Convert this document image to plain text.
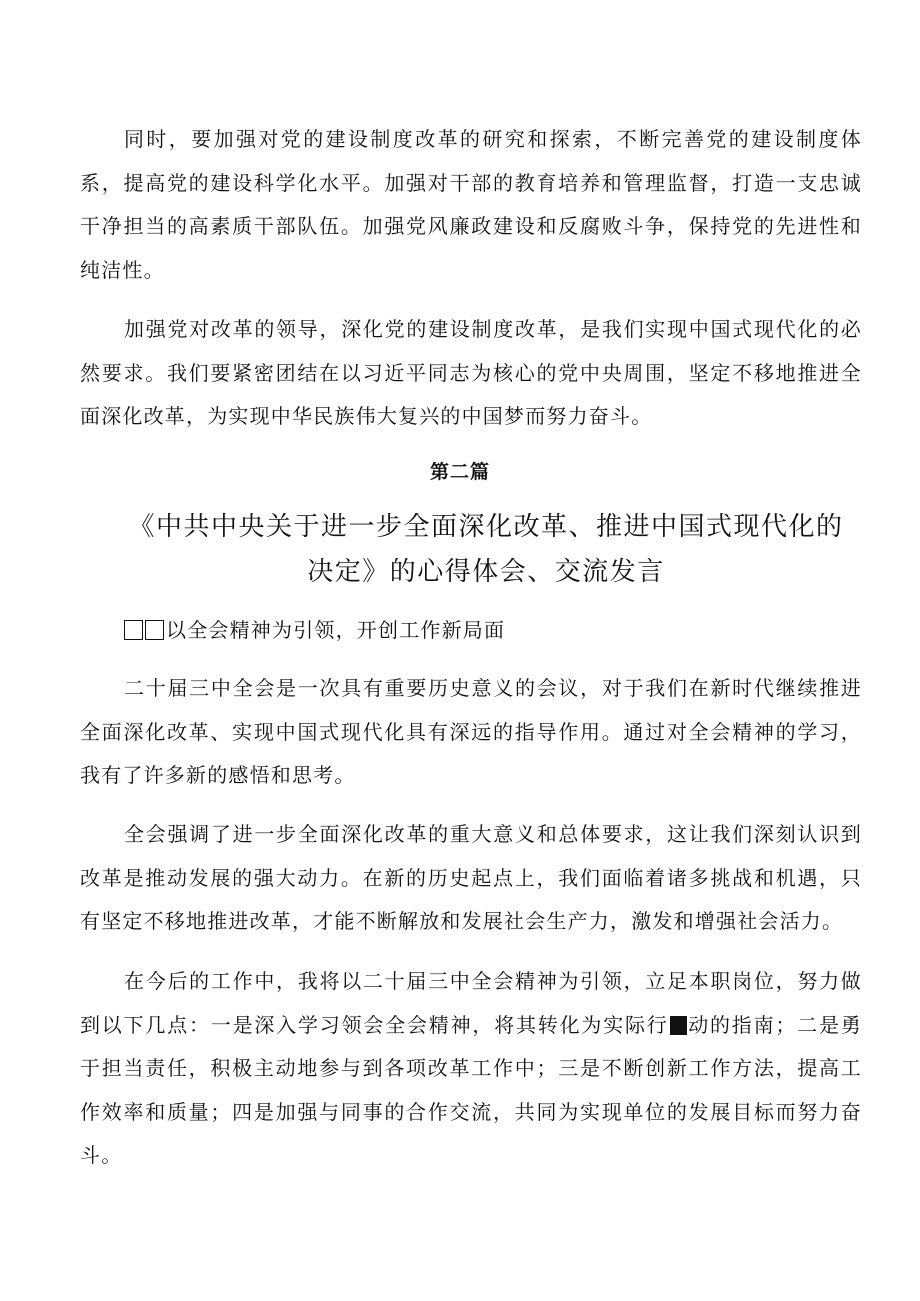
同时，要加强对党的建设制度改革的研究和探索，不断完善党的建设制度体系，提高党的建设科学化水平。加强对干部的教育培养和管理监督，打造一支忠诚干净担当的高素质干部队伍。加强党风廉政建设和反腐败斗争，保持党的先进性和纯洁性。

加强党对改革的领导，深化党的建设制度改革，是我们实现中国式现代化的必然要求。我们要紧密团结在以习近平同志为核心的党中央周围，坚定不移地推进全面深化改革，为实现中华民族伟大复兴的中国梦而努力奋斗。

第二篇
《中共中央关于进一步全面深化改革、推进中国式现代化的决定》的心得体会、交流发言

以全会精神为引领，开创工作新局面

二十届三中全会是一次具有重要历史意义的会议，对于我们在新时代继续推进全面深化改革、实现中国式现代化具有深远的指导作用。通过对全会精神的学习，我有了许多新的感悟和思考。

全会强调了进一步全面深化改革的重大意义和总体要求，这让我们深刻认识到改革是推动发展的强大动力。在新的历史起点上，我们面临着诸多挑战和机遇，只有坚定不移地推进改革，才能不断解放和发展社会生产力，激发和增强社会活力。

在今后的工作中，我将以二十届三中全会精神为引领，立足本职岗位，努力做到以下几点：一是深入学习领会全会精神，将其转化为实际行 动的指南；二是勇于担当责任，积极主动地参与到各项改革工作中；三是不断创新工作方法，提高工作效率和质量；四是加强与同事的合作交流，共同为实现单位的发展目标而努力奋斗。
